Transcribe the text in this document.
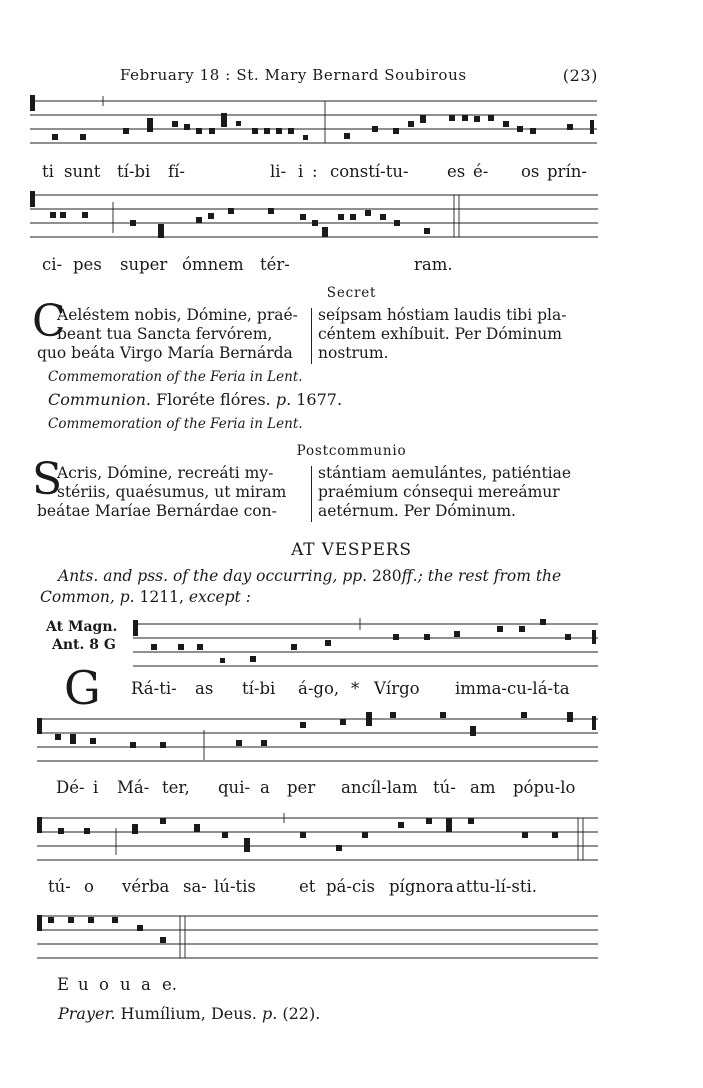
February 18 : St. Mary Bernard Soubirous	(23)
ti sunt tí-bi fí-	li- i : constí-tu- es é- os prín-
ci- pes super ómnem tér-	ram.
Secret
C
Aeléstem nobis, Dómine, praé-
beant tua Sancta fervórem,
quo beáta Virgo María Bernárda
seípsam hóstiam laudis tibi pla-
céntem exhíbuit. Per Dóminum
nostrum.
Commemoration of the Feria in Lent.
Communion. Floréte flóres. p. 1677.
Commemoration of the Feria in Lent.
Postcommunio
S
Acris, Dómine, recreáti my-
stériis, quaésumus, ut miram
beátae Maríae Bernárdae con-
stántiam aemulántes, patiéntiae
praémium cónsequi mereámur
aetérnum. Per Dóminum.
AT VESPERS
Ants. and pss. of the day occurring, pp. 280ff.; the rest from the
Common, p. 1211, except :
At Magn.
Ant. 8 G
G Rá-ti- as tí-bi á-go, * Vírgo imma-cu-lá-ta
Dé- i Má- ter, qui- a per ancíl-lam tú- am pópu-lo
tú- o vérba sa- lú-tis	et pá-cis pígnora attu-lí-sti.
E u o u a e.
Prayer. Humílium, Deus. p. (22).
